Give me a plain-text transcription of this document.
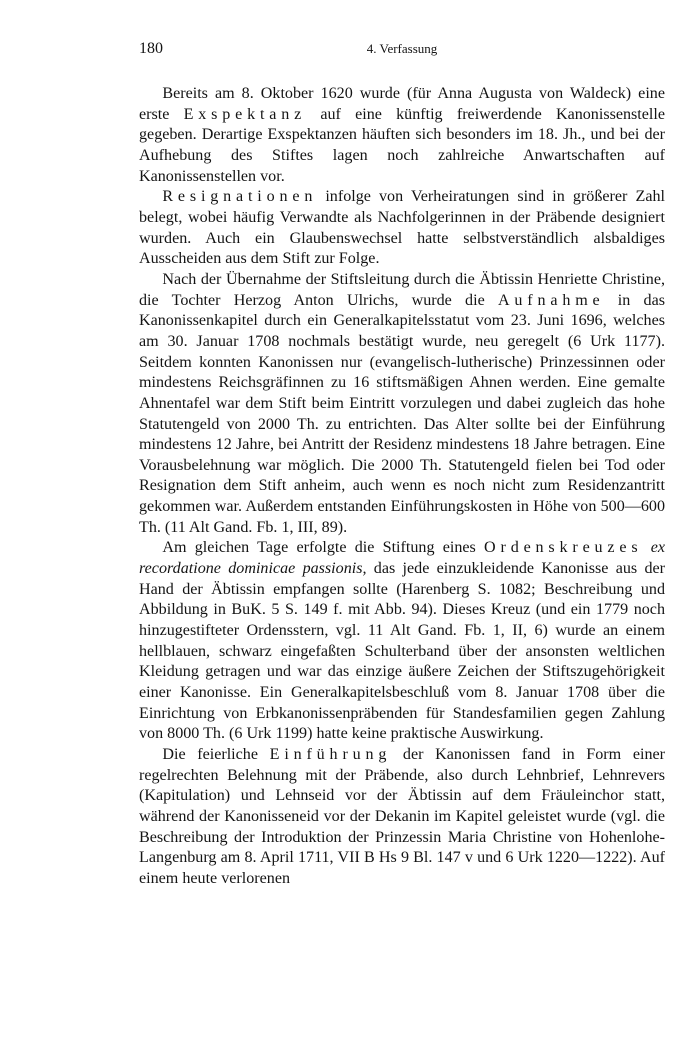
180	4. Verfassung

Bereits am 8. Oktober 1620 wurde (für Anna Augusta von Waldeck) eine erste Exspektanz auf eine künftig freiwerdende Kanonissenstelle gegeben. Derartige Exspektanzen häuften sich besonders im 18. Jh., und bei der Aufhebung des Stiftes lagen noch zahlreiche Anwartschaften auf Kanonissenstellen vor.

Resignationen infolge von Verheiratungen sind in größerer Zahl belegt, wobei häufig Verwandte als Nachfolgerinnen in der Präbende designiert wurden. Auch ein Glaubenswechsel hatte selbstverständlich alsbaldiges Ausscheiden aus dem Stift zur Folge.

Nach der Übernahme der Stiftsleitung durch die Äbtissin Henriette Christine, die Tochter Herzog Anton Ulrichs, wurde die Aufnahme in das Kanonissenkapitel durch ein Generalkapitelsstatut vom 23. Juni 1696, welches am 30. Januar 1708 nochmals bestätigt wurde, neu geregelt (6 Urk 1177). Seitdem konnten Kanonissen nur (evangelisch-lutherische) Prinzessinnen oder mindestens Reichsgräfinnen zu 16 stiftsmäßigen Ahnen werden. Eine gemalte Ahnentafel war dem Stift beim Eintritt vorzulegen und dabei zugleich das hohe Statutengeld von 2000 Th. zu entrichten. Das Alter sollte bei der Einführung mindestens 12 Jahre, bei Antritt der Residenz mindestens 18 Jahre betragen. Eine Vorausbelehnung war möglich. Die 2000 Th. Statutengeld fielen bei Tod oder Resignation dem Stift anheim, auch wenn es noch nicht zum Residenzantritt gekommen war. Außerdem entstanden Einführungskosten in Höhe von 500—600 Th. (11 Alt Gand. Fb. 1, III, 89).

Am gleichen Tage erfolgte die Stiftung eines Ordenskreuzes ex recordatione dominicae passionis, das jede einzukleidende Kanonisse aus der Hand der Äbtissin empfangen sollte (Harenberg S. 1082; Beschreibung und Abbildung in BuK. 5 S. 149 f. mit Abb. 94). Dieses Kreuz (und ein 1779 noch hinzugestifteter Ordensstern, vgl. 11 Alt Gand. Fb. 1, II, 6) wurde an einem hellblauen, schwarz eingefaßten Schulterband über der ansonsten weltlichen Kleidung getragen und war das einzige äußere Zeichen der Stiftszugehörigkeit einer Kanonisse. Ein Generalkapitelsbeschluß vom 8. Januar 1708 über die Einrichtung von Erbkanonissenpräbenden für Standesfamilien gegen Zahlung von 8000 Th. (6 Urk 1199) hatte keine praktische Auswirkung.

Die feierliche Einführung der Kanonissen fand in Form einer regelrechten Belehnung mit der Präbende, also durch Lehnbrief, Lehnrevers (Kapitulation) und Lehnseid vor der Äbtissin auf dem Fräuleinchor statt, während der Kanonisseneid vor der Dekanin im Kapitel geleistet wurde (vgl. die Beschreibung der Introduktion der Prinzessin Maria Christine von Hohenlohe-Langenburg am 8. April 1711, VII B Hs 9 Bl. 147 v und 6 Urk 1220—1222). Auf einem heute verlorenen
